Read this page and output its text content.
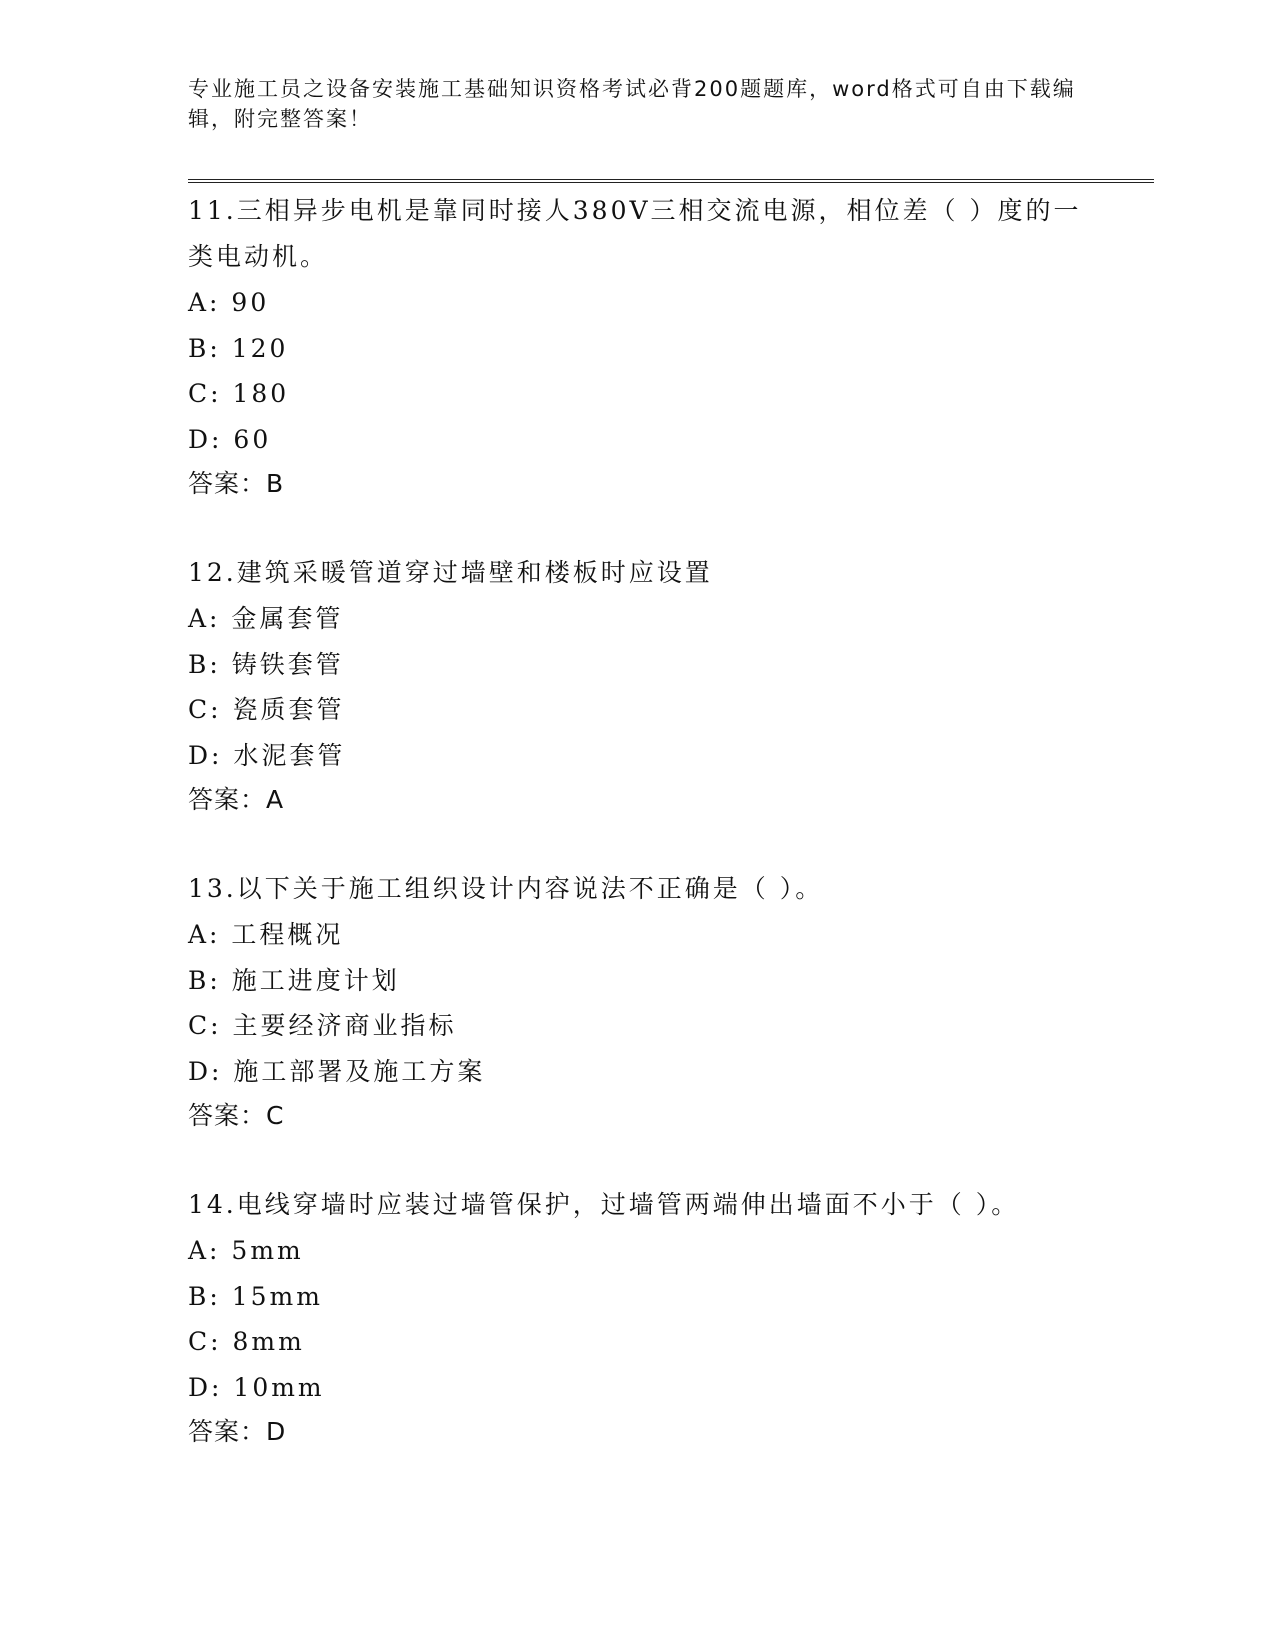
专业施工员之设备安装施工基础知识资格考试必背200题题库，word格式可自由下载编辑，附完整答案！

11.三相异步电机是靠同时接人380V三相交流电源，相位差（ ）度的一类电动机。

A: 90
B: 120
C: 180
D: 60
答案：B

12.建筑采暖管道穿过墙壁和楼板时应设置

A: 金属套管
B: 铸铁套管
C: 瓷质套管
D: 水泥套管
答案：A

13.以下关于施工组织设计内容说法不正确是（ ）。

A: 工程概况
B: 施工进度计划
C: 主要经济商业指标
D: 施工部署及施工方案
答案：C

14.电线穿墙时应装过墙管保护，过墙管两端伸出墙面不小于（ ）。

A: 5mm
B: 15mm
C: 8mm
D: 10mm
答案：D
